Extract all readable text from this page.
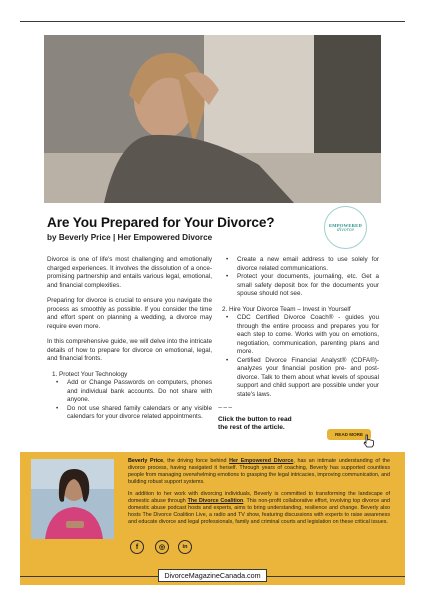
Are You Prepared for Your Divorce?
by Beverly Price | Her Empowered Divorce
EMPOWERED
divorce

Divorce is one of life's most challenging and emotionally charged experiences. It involves the dissolution of a once-promising partnership and entails various legal, emotional, and financial complexities.

Preparing for divorce is crucial to ensure you navigate the process as smoothly as possible. If you consider the time and effort spent on planning a wedding, a divorce may require even more.

In this comprehensive guide, we will delve into the intricate details of how to prepare for divorce on emotional, legal, and financial fronts.

1. Protect Your Technology
• Add or Change Passwords on computers, phones and individual bank accounts. Do not share with anyone.
• Do not use shared family calendars or any visible calendars for your divorce related appointments.
• Create a new email address to use solely for divorce related communications.
• Protect your documents, journaling, etc. Get a small safety deposit box for the documents your spouse should not see.
2. Hire Your Divorce Team – Invest in Yourself
• CDC Certified Divorce Coach® - guides you through the entire process and prepares you for each step to come. Works with you on emotions, negotiation, communication, parenting plans and more.
• Certified Divorce Financial Analyst® (CDFA®)- analyzes your financial position pre- and post-divorce. Talk to them about what levels of spousal support and child support are possible under your state's laws.
~~~
Click the button to read
the rest of the article.
READ MORE

Beverly Price, the driving force behind Her Empowered Divorce, has an intimate understanding of the divorce process, having navigated it herself. Through years of coaching, Beverly has supported countless people from managing overwhelming emotions to grasping the legal intricacies, improving communication, and building robust support systems.

In addition to her work with divorcing individuals, Beverly is committed to transforming the landscape of domestic abuse through The Divorce Coalition. This non-profit collaborative effort, involving top divorce and domestic abuse podcast hosts and experts, aims to bring understanding, resilience and change. Beverly also hosts The Divorce Coalition Live, a radio and TV show, featuring discussions with experts to raise awareness and educate divorce and legal professionals, family and criminal courts and legislation on these critical issues.

f	◎	in
DivorceMagazineCanada.com
